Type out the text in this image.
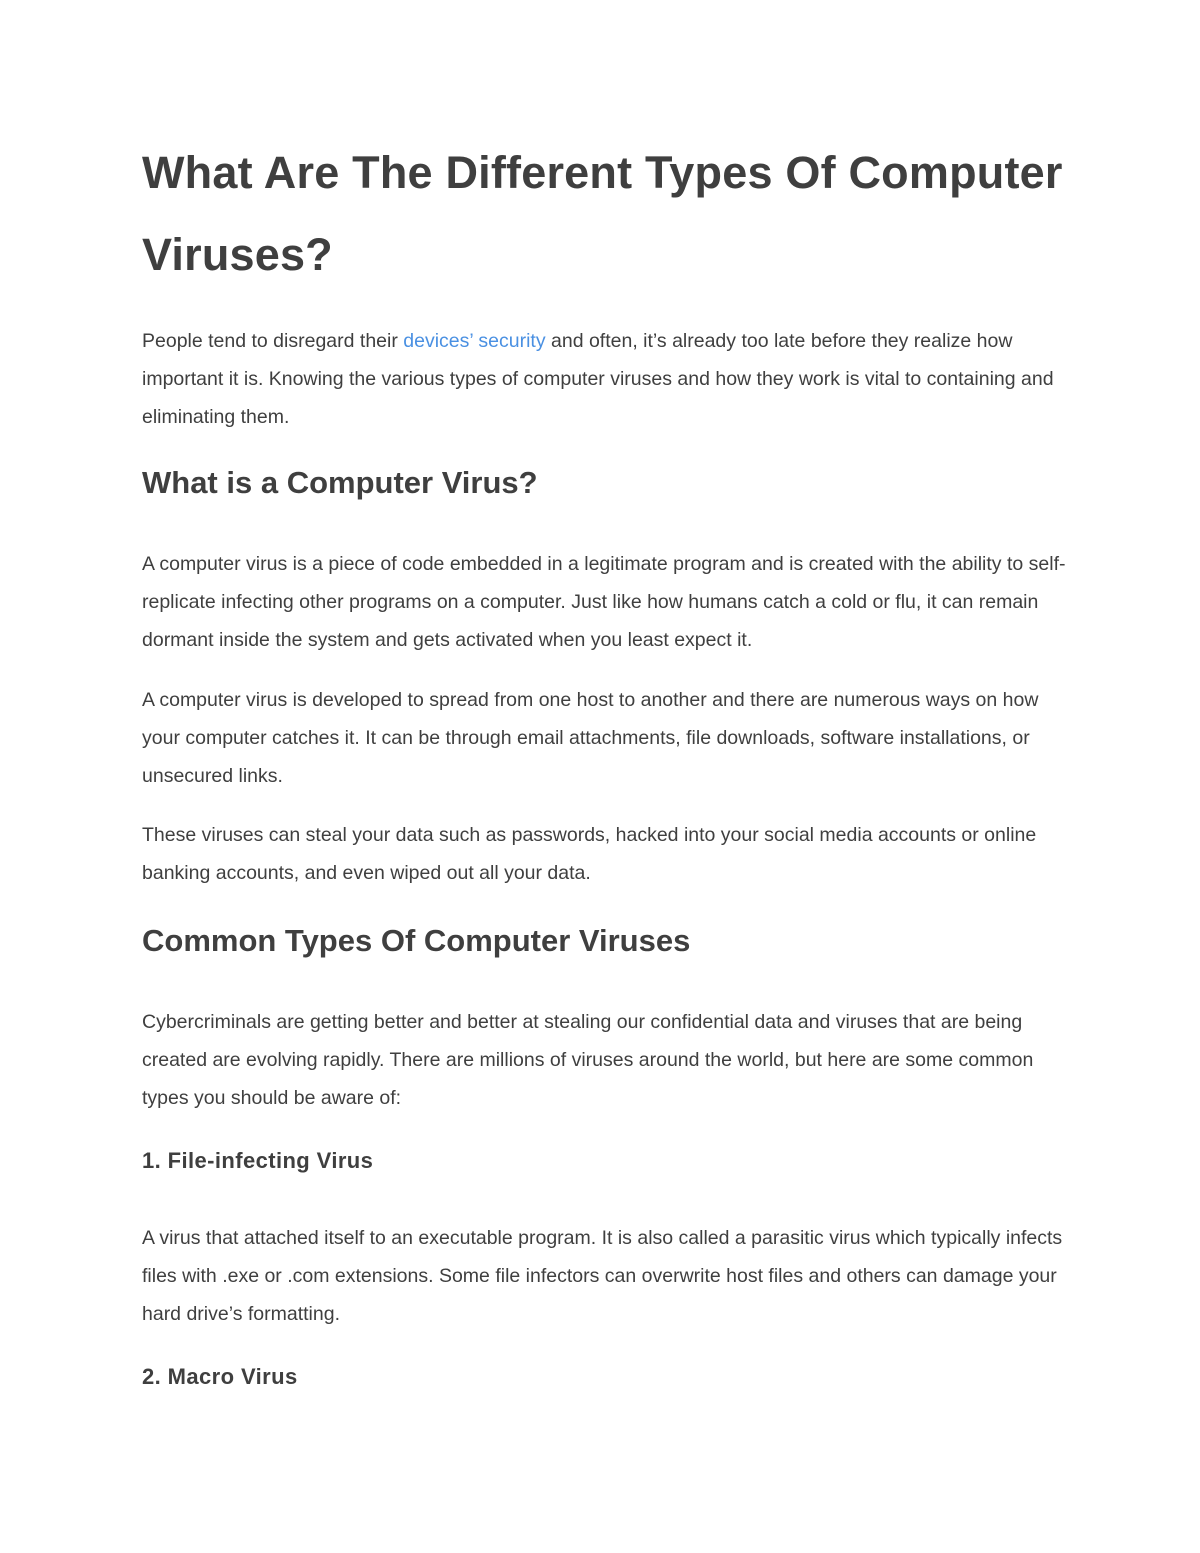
What Are The Different Types Of Computer Viruses?

People tend to disregard their devices’ security and often, it’s already too late before they realize how important it is. Knowing the various types of computer viruses and how they work is vital to containing and eliminating them.

What is a Computer Virus?

A computer virus is a piece of code embedded in a legitimate program and is created with the ability to self-replicate infecting other programs on a computer. Just like how humans catch a cold or flu, it can remain dormant inside the system and gets activated when you least expect it.

A computer virus is developed to spread from one host to another and there are numerous ways on how your computer catches it. It can be through email attachments, file downloads, software installations, or unsecured links.

These viruses can steal your data such as passwords, hacked into your social media accounts or online banking accounts, and even wiped out all your data.

Common Types Of Computer Viruses

Cybercriminals are getting better and better at stealing our confidential data and viruses that are being created are evolving rapidly. There are millions of viruses around the world, but here are some common types you should be aware of:

1. File-infecting Virus

A virus that attached itself to an executable program. It is also called a parasitic virus which typically infects files with .exe or .com extensions. Some file infectors can overwrite host files and others can damage your hard drive’s formatting.

2. Macro Virus
